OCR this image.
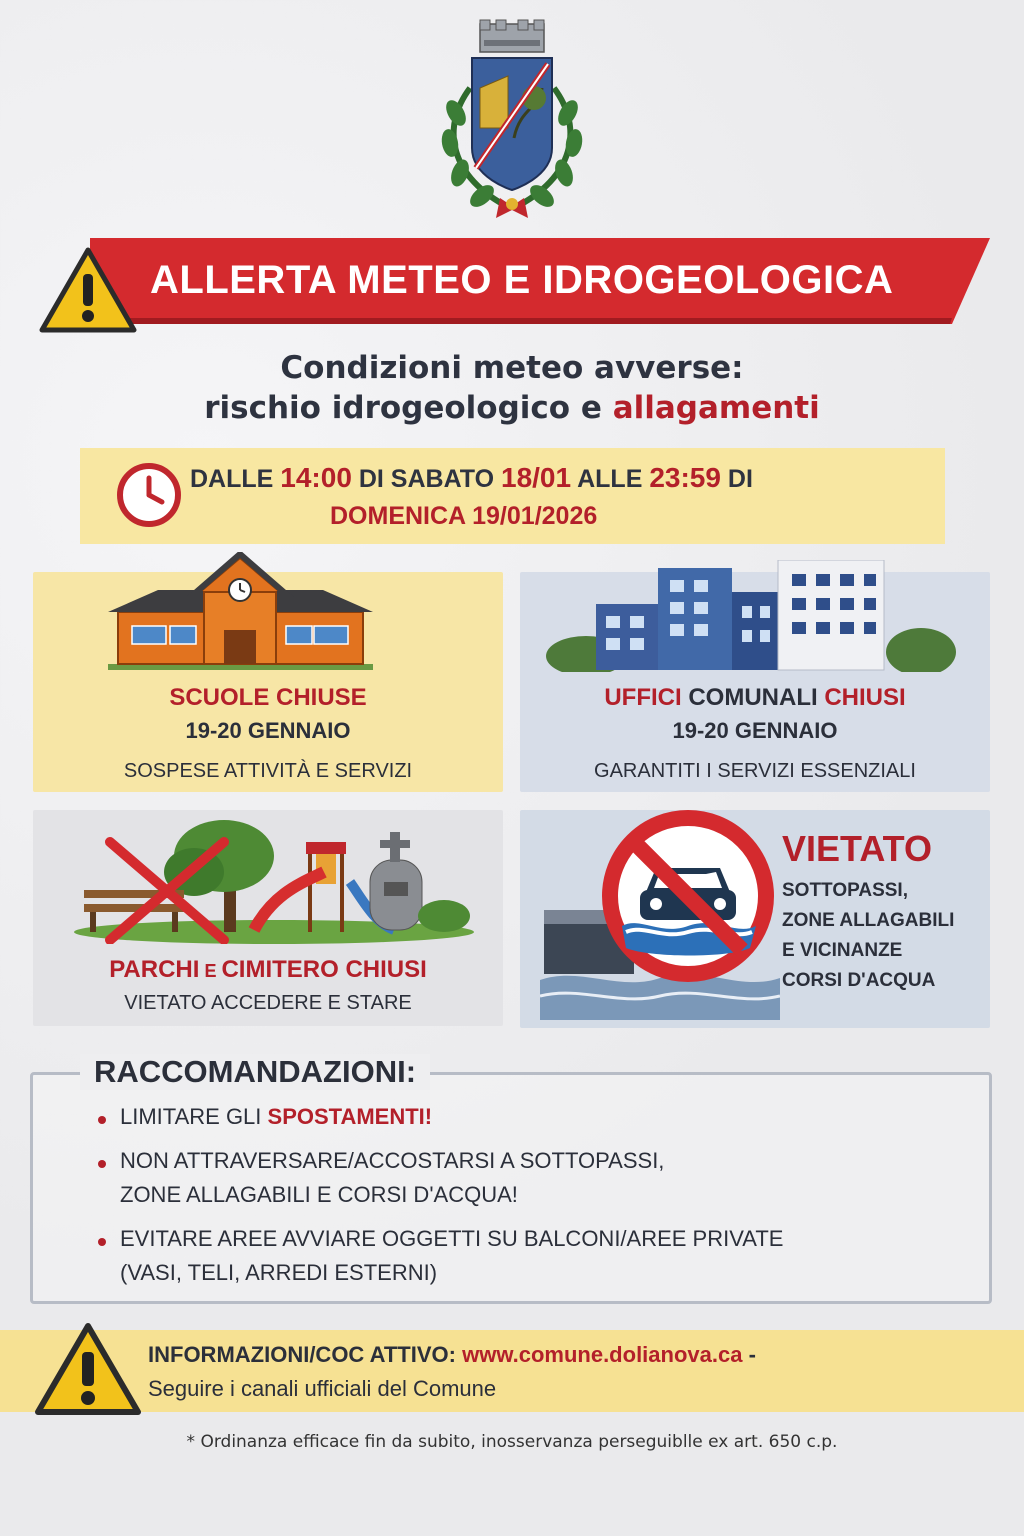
ALLERTA METEO E IDROGEOLOGICA
Condizioni meteo avverse:
rischio idrogeologico e allagamenti
DALLE 14:00 DI SABATO 18/01 ALLE 23:59 DI
DOMENICA 19/01/2026
SCUOLE CHIUSE
19-20 GENNAIO
SOSPESE ATTIVITÀ E SERVIZI
UFFICI COMUNALI CHIUSI
19-20 GENNAIO
GARANTITI I SERVIZI ESSENZIALI
PARCHI E CIMITERO CHIUSI
VIETATO ACCEDERE E STARE
VIETATO
SOTTOPASSI,
ZONE ALLAGABILI
E VICINANZE
CORSI D'ACQUA
RACCOMANDAZIONI:
LIMITARE GLI SPOSTAMENTI!
NON ATTRAVERSARE/ACCOSTARSI A SOTTOPASSI,
ZONE ALLAGABILI E CORSI D'ACQUA!
EVITARE AREE AVVIARE OGGETTI SU BALCONI/AREE PRIVATE
(VASI, TELI, ARREDI ESTERNI)
INFORMAZIONI/COC ATTIVO: www.comune.dolianova.ca -
Seguire i canali ufficiali del Comune
* Ordinanza efficace fin da subito, inosservanza perseguiblle ex art. 650 c.p.
